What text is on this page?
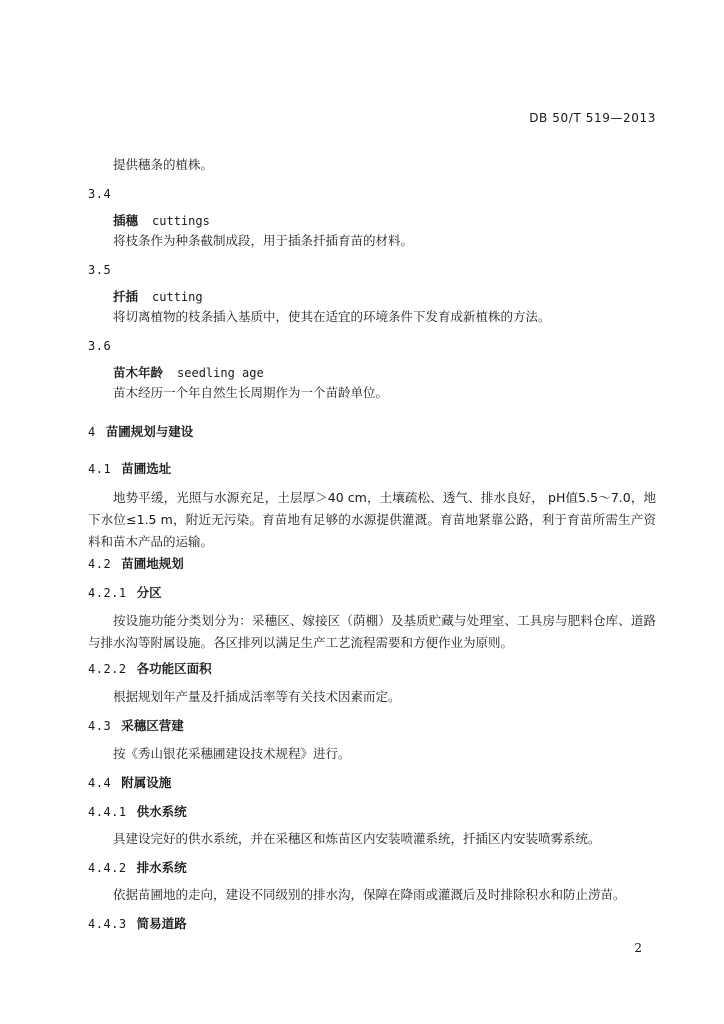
DB 50/T 519—2013
提供穗条的植株。
3.4
插穗 cuttings
将枝条作为种条截制成段，用于插条扦插育苗的材料。
3.5
扦插 cutting
将切离植物的枝条插入基质中，使其在适宜的环境条件下发育成新植株的方法。
3.6
苗木年龄 seedling age
苗木经历一个年自然生长周期作为一个苗龄单位。
4 苗圃规划与建设
4.1 苗圃选址
地势平缓，光照与水源充足，土层厚＞40 cm，土壤疏松、透气、排水良好， pH值5.5～7.0，地下水位≤1.5 m，附近无污染。育苗地有足够的水源提供灌溉。育苗地紧靠公路，利于育苗所需生产资料和苗木产品的运输。
4.2 苗圃地规划
4.2.1 分区
按设施功能分类划分为：采穗区、嫁接区（荫棚）及基质贮藏与处理室、工具房与肥料仓库、道路与排水沟等附属设施。各区排列以满足生产工艺流程需要和方便作业为原则。
4.2.2 各功能区面积
根据规划年产量及扦插成活率等有关技术因素而定。
4.3 采穗区营建
按《秀山银花采穗圃建设技术规程》进行。
4.4 附属设施
4.4.1 供水系统
具建设完好的供水系统，并在采穗区和炼苗区内安装喷灌系统，扦插区内安装喷雾系统。
4.4.2 排水系统
依据苗圃地的走向，建设不同级别的排水沟，保障在降雨或灌溉后及时排除积水和防止涝苗。
4.4.3 简易道路
2
